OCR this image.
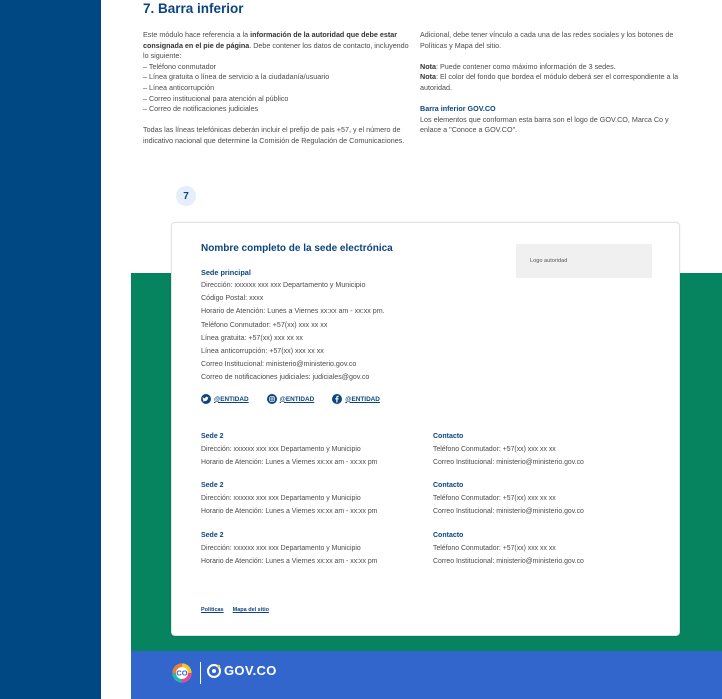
7. Barra inferior

Este módulo hace referencia a la información de la autoridad que debe estar consignada en el pie de página. Debe contener los datos de contacto, incluyendo lo siguiente:
– Teléfono conmutador
– Línea gratuita o línea de servicio a la ciudadanía/usuario
– Línea anticorrupción
– Correo institucional para atención al público
– Correo de notificaciones judiciales

Todas las líneas telefónicas deberán incluir el prefijo de país +57, y el número de indicativo nacional que determine la Comisión de Regulación de Comunicaciones.

Adicional, debe tener vínculo a cada una de las redes sociales y los botones de Políticas y Mapa del sitio.

Nota: Puede contener como máximo información de 3 sedes.
Nota: El color del fondo que bordea el módulo deberá ser el correspondiente a la autoridad.

Barra inferior GOV.CO
Los elementos que conforman esta barra son el logo de GOV.CO, Marca Co y enlace a "Conoce a GOV.CO".

7
Nombre completo de la sede electrónica
Logo autoridad
Sede principal
Dirección: xxxxxx xxx xxx Departamento y Municipio
Código Postal: xxxx
Horario de Atención: Lunes a Viernes xx:xx am - xx:xx pm.
Teléfono Conmutador: +57(xx) xxx xx xx
Línea gratuita: +57(xx) xxx xx xx
Línea anticorrupción: +57(xx) xxx xx xx
Correo Institucional: ministerio@ministerio.gov.co
Correo de notificaciones judiciales: judiciales@gov.co
@ENTIDAD	@ENTIDAD	@ENTIDAD
Sede 2
Dirección: xxxxxx xxx xxx Departamento y Municipio
Horario de Atención: Lunes a Viernes xx:xx am - xx:xx pm
Contacto
Teléfono Conmutador: +57(xx) xxx xx xx
Correo Institucional: ministerio@ministerio.gov.co
Sede 2
Dirección: xxxxxx xxx xxx Departamento y Municipio
Horario de Atención: Lunes a Viernes xx:xx am - xx:xx pm
Contacto
Teléfono Conmutador: +57(xx) xxx xx xx
Correo Institucional: ministerio@ministerio.gov.co
Sede 2
Dirección: xxxxxx xxx xxx Departamento y Municipio
Horario de Atención: Lunes a Viernes xx:xx am - xx:xx pm
Contacto
Teléfono Conmutador: +57(xx) xxx xx xx
Correo Institucional: ministerio@ministerio.gov.co
Políticas Mapa del sitio
CO	GOV.CO
